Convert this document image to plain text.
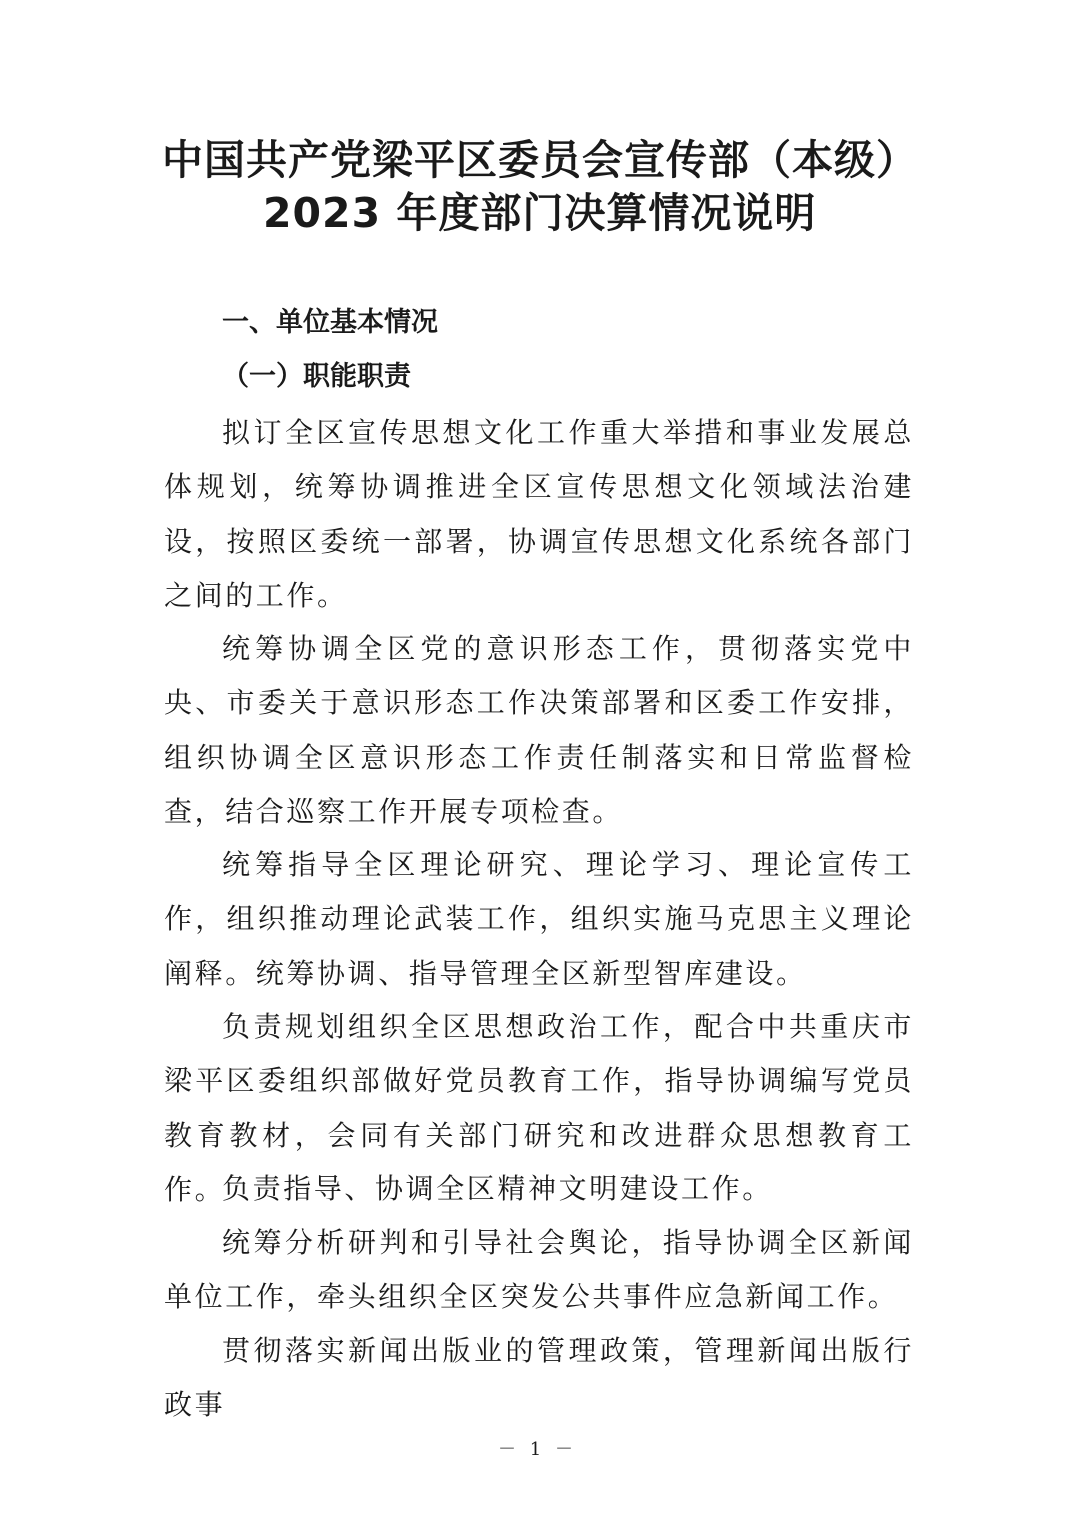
中国共产党梁平区委员会宣传部（本级）
2023 年度部门决算情况说明
一、单位基本情况
（一）职能职责

拟订全区宣传思想文化工作重大举措和事业发展总体规划，统筹协调推进全区宣传思想文化领域法治建设，按照区委统一部署，协调宣传思想文化系统各部门之间的工作。

统筹协调全区党的意识形态工作，贯彻落实党中央、市委关于意识形态工作决策部署和区委工作安排，组织协调全区意识形态工作责任制落实和日常监督检查，结合巡察工作开展专项检查。

统筹指导全区理论研究、理论学习、理论宣传工作，组织推动理论武装工作，组织实施马克思主义理论阐释。统筹协调、指导管理全区新型智库建设。

负责规划组织全区思想政治工作，配合中共重庆市梁平区委组织部做好党员教育工作，指导协调编写党员教育教材，会同有关部门研究和改进群众思想教育工作。

负责指导、协调全区精神文明建设工作。

统筹分析研判和引导社会舆论，指导协调全区新闻单位工作，牵头组织全区突发公共事件应急新闻工作。

贯彻落实新闻出版业的管理政策，管理新闻出版行政事

－ 1 －
